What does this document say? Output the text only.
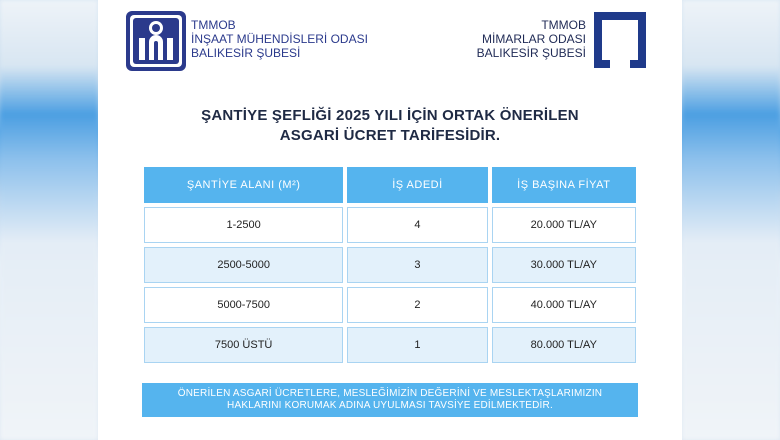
TMMOB
İNŞAAT MÜHENDİSLERİ ODASI
BALIKESİR ŞUBESİ
TMMOB
MİMARLAR ODASI
BALIKESİR ŞUBESİ
ŞANTİYE ŞEFLİĞİ 2025 YILI İÇİN ORTAK ÖNERİLEN
ASGARİ ÜCRET TARİFESİDİR.
ŞANTİYE ALANI (M²)	İŞ ADEDİ	İŞ BAŞINA FİYAT
1-2500	4	20.000 TL/AY
2500-5000	3	30.000 TL/AY
5000-7500	2	40.000 TL/AY
7500 ÜSTÜ	1	80.000 TL/AY
ÖNERİLEN ASGARİ ÜCRETLERE, MESLEĞİMİZİN DEĞERİNİ VE MESLEKTAŞLARIMIZIN
HAKLARINI KORUMAK ADINA UYULMASI TAVSİYE EDİLMEKTEDİR.
